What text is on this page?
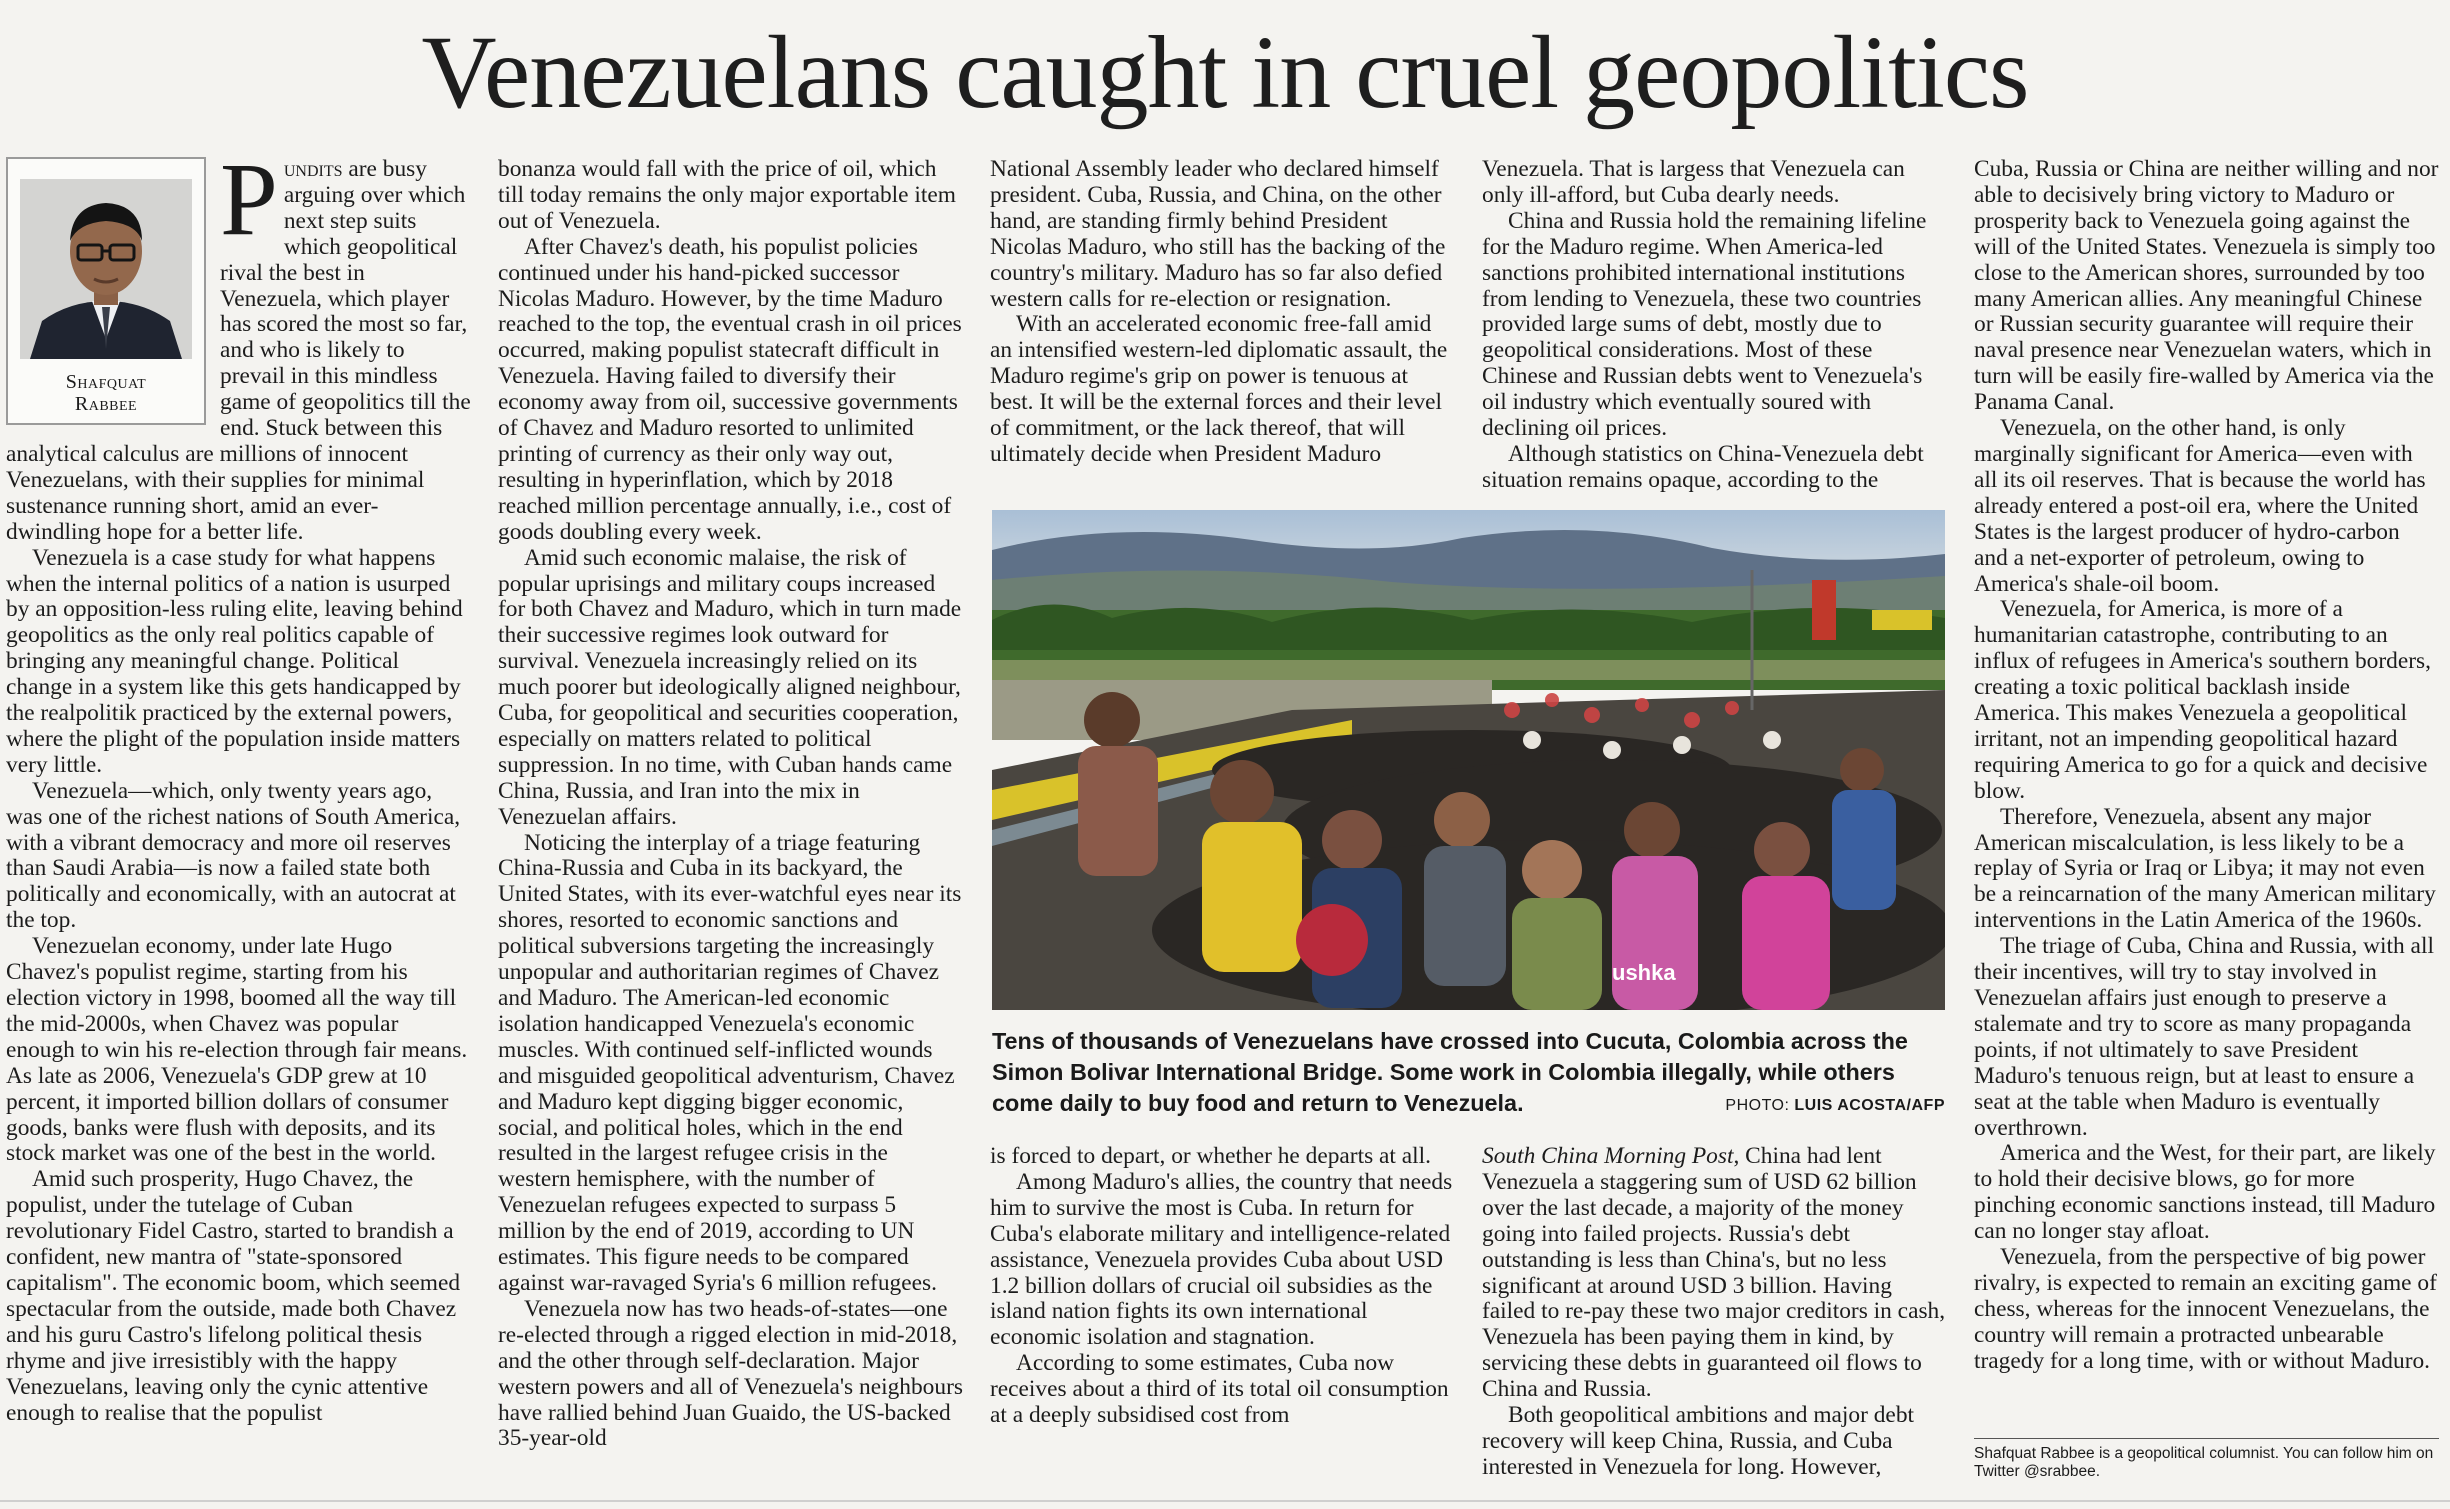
Venezuelans caught in cruel geopolitics
Shafquat
Rabbee

Pundits are busy arguing over which next step suits which geopolitical rival the best in Venezuela, which player has scored the most so far, and who is likely to prevail in this mindless game of geopolitics till the end. Stuck between this analytical calculus are millions of innocent Venezuelans, with their supplies for minimal sustenance running short, amid an ever-dwindling hope for a better life.

Venezuela is a case study for what happens when the internal politics of a nation is usurped by an opposition-less ruling elite, leaving behind geopolitics as the only real politics capable of bringing any meaningful change. Political change in a system like this gets handicapped by the realpolitik practiced by the external powers, where the plight of the population inside matters very little.

Venezuela—which, only twenty years ago, was one of the richest nations of South America, with a vibrant democracy and more oil reserves than Saudi Arabia—is now a failed state both politically and economically, with an autocrat at the top.

Venezuelan economy, under late Hugo Chavez's populist regime, starting from his election victory in 1998, boomed all the way till the mid-2000s, when Chavez was popular enough to win his re-election through fair means. As late as 2006, Venezuela's GDP grew at 10 percent, it imported billion dollars of consumer goods, banks were flush with deposits, and its stock market was one of the best in the world.

Amid such prosperity, Hugo Chavez, the populist, under the tutelage of Cuban revolutionary Fidel Castro, started to brandish a confident, new mantra of "state-sponsored capitalism". The economic boom, which seemed spectacular from the outside, made both Chavez and his guru Castro's lifelong political thesis rhyme and jive irresistibly with the happy Venezuelans, leaving only the cynic attentive enough to realise that the populist

bonanza would fall with the price of oil, which till today remains the only major exportable item out of Venezuela.

After Chavez's death, his populist policies continued under his hand-picked successor Nicolas Maduro. However, by the time Maduro reached to the top, the eventual crash in oil prices occurred, making populist statecraft difficult in Venezuela. Having failed to diversify their economy away from oil, successive governments of Chavez and Maduro resorted to unlimited printing of currency as their only way out, resulting in hyperinflation, which by 2018 reached million percentage annually, i.e., cost of goods doubling every week.

Amid such economic malaise, the risk of popular uprisings and military coups increased for both Chavez and Maduro, which in turn made their successive regimes look outward for survival. Venezuela increasingly relied on its much poorer but ideologically aligned neighbour, Cuba, for geopolitical and securities cooperation, especially on matters related to political suppression. In no time, with Cuban hands came China, Russia, and Iran into the mix in Venezuelan affairs.

Noticing the interplay of a triage featuring China-Russia and Cuba in its backyard, the United States, with its ever-watchful eyes near its shores, resorted to economic sanctions and political subversions targeting the increasingly unpopular and authoritarian regimes of Chavez and Maduro. The American-led economic isolation handicapped Venezuela's economic muscles. With continued self-inflicted wounds and misguided geopolitical adventurism, Chavez and Maduro kept digging bigger economic, social, and political holes, which in the end resulted in the largest refugee crisis in the western hemisphere, with the number of Venezuelan refugees expected to surpass 5 million by the end of 2019, according to UN estimates. This figure needs to be compared against war-ravaged Syria's 6 million refugees.

Venezuela now has two heads-of-states—one re-elected through a rigged election in mid-2018, and the other through self-declaration. Major western powers and all of Venezuela's neighbours have rallied behind Juan Guaido, the US-backed 35-year-old

National Assembly leader who declared himself president. Cuba, Russia, and China, on the other hand, are standing firmly behind President Nicolas Maduro, who still has the backing of the country's military. Maduro has so far also defied western calls for re-election or resignation.

With an accelerated economic free-fall amid an intensified western-led diplomatic assault, the Maduro regime's grip on power is tenuous at best. It will be the external forces and their level of commitment, or the lack thereof, that will ultimately decide when President Maduro

Venezuela. That is largess that Venezuela can only ill-afford, but Cuba dearly needs.

China and Russia hold the remaining lifeline for the Maduro regime. When America-led sanctions prohibited international institutions from lending to Venezuela, these two countries provided large sums of debt, mostly due to geopolitical considerations. Most of these Chinese and Russian debts went to Venezuela's oil industry which eventually soured with declining oil prices.

Although statistics on China-Venezuela debt situation remains opaque, according to the

ushka
Tens of thousands of Venezuelans have crossed into Cucuta, Colombia across the Simon Bolivar International Bridge. Some work in Colombia illegally, while others come daily to buy food and return to Venezuela.	PHOTO: LUIS ACOSTA/AFP

is forced to depart, or whether he departs at all.

Among Maduro's allies, the country that needs him to survive the most is Cuba. In return for Cuba's elaborate military and intelligence-related assistance, Venezuela provides Cuba about USD 1.2 billion dollars of crucial oil subsidies as the island nation fights its own international economic isolation and stagnation.

According to some estimates, Cuba now receives about a third of its total oil consumption at a deeply subsidised cost from

South China Morning Post, China had lent Venezuela a staggering sum of USD 62 billion over the last decade, a majority of the money going into failed projects. Russia's debt outstanding is less than China's, but no less significant at around USD 3 billion. Having failed to re-pay these two major creditors in cash, Venezuela has been paying them in kind, by servicing these debts in guaranteed oil flows to China and Russia.

Both geopolitical ambitions and major debt recovery will keep China, Russia, and Cuba interested in Venezuela for long. However,

Cuba, Russia or China are neither willing and nor able to decisively bring victory to Maduro or prosperity back to Venezuela going against the will of the United States. Venezuela is simply too close to the American shores, surrounded by too many American allies. Any meaningful Chinese or Russian security guarantee will require their naval presence near Venezuelan waters, which in turn will be easily fire-walled by America via the Panama Canal.

Venezuela, on the other hand, is only marginally significant for America—even with all its oil reserves. That is because the world has already entered a post-oil era, where the United States is the largest producer of hydro-carbon and a net-exporter of petroleum, owing to America's shale-oil boom.

Venezuela, for America, is more of a humanitarian catastrophe, contributing to an influx of refugees in America's southern borders, creating a toxic political backlash inside America. This makes Venezuela a geopolitical irritant, not an impending geopolitical hazard requiring America to go for a quick and decisive blow.

Therefore, Venezuela, absent any major American miscalculation, is less likely to be a replay of Syria or Iraq or Libya; it may not even be a reincarnation of the many American military interventions in the Latin America of the 1960s.

The triage of Cuba, China and Russia, with all their incentives, will try to stay involved in Venezuelan affairs just enough to preserve a stalemate and try to score as many propaganda points, if not ultimately to save President Maduro's tenuous reign, but at least to ensure a seat at the table when Maduro is eventually overthrown.

America and the West, for their part, are likely to hold their decisive blows, go for more pinching economic sanctions instead, till Maduro can no longer stay afloat.

Venezuela, from the perspective of big power rivalry, is expected to remain an exciting game of chess, whereas for the innocent Venezuelans, the country will remain a protracted unbearable tragedy for a long time, with or without Maduro.

Shafquat Rabbee is a geopolitical columnist. You can follow him on Twitter @srabbee.
